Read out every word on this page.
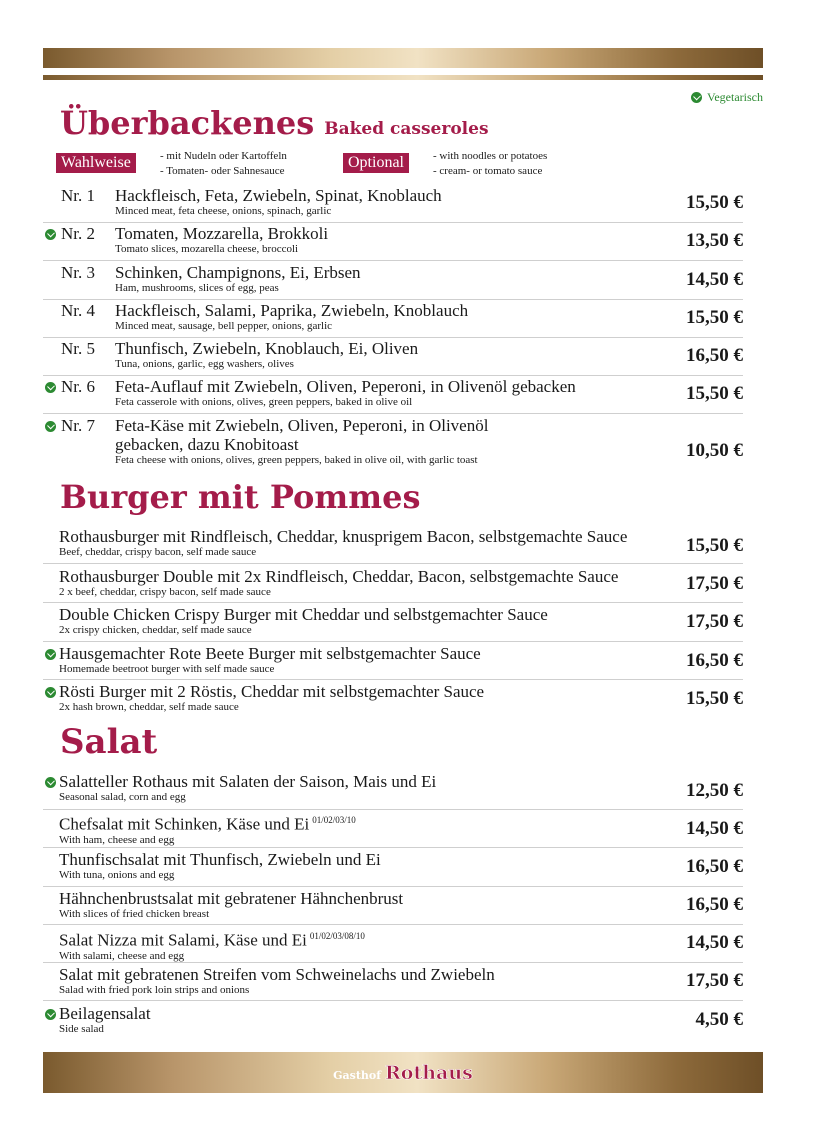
Vegetarisch
Überbackenes Baked casseroles
Wahlweise	- mit Nudeln oder Kartoffeln
- Tomaten- oder Sahnesauce	Optional	- with noodles or potatoes
- cream- or tomato sauce
Nr. 1 Hackfleisch, Feta, Zwiebeln, Spinat, Knoblauch
Minced meat, feta cheese, onions, spinach, garlic	15,50 €
Nr. 2 Tomaten, Mozzarella, Brokkoli
Tomato slices, mozarella cheese, broccoli	13,50 €
Nr. 3 Schinken, Champignons, Ei, Erbsen
Ham, mushrooms, slices of egg, peas	14,50 €
Nr. 4 Hackfleisch, Salami, Paprika, Zwiebeln, Knoblauch
Minced meat, sausage, bell pepper, onions, garlic	15,50 €
Nr. 5 Thunfisch, Zwiebeln, Knoblauch, Ei, Oliven
Tuna, onions, garlic, egg washers, olives	16,50 €
Nr. 6 Feta-Auflauf mit Zwiebeln, Oliven, Peperoni, in Olivenöl gebacken
Feta casserole with onions, olives, green peppers, baked in olive oil	15,50 €
Nr. 7 Feta-Käse mit Zwiebeln, Oliven, Peperoni, in Olivenöl
gebacken, dazu Knobitoast
Feta cheese with onions, olives, green peppers, baked in olive oil, with garlic toast	10,50 €
Burger mit Pommes
Rothausburger mit Rindfleisch, Cheddar, knusprigem Bacon, selbstgemachte Sauce
Beef, cheddar, crispy bacon, self made sauce	15,50 €
Rothausburger Double mit 2x Rindfleisch, Cheddar, Bacon, selbstgemachte Sauce
2 x beef, cheddar, crispy bacon, self made sauce	17,50 €
Double Chicken Crispy Burger mit Cheddar und selbstgemachter Sauce
2x crispy chicken, cheddar, self made sauce	17,50 €
Hausgemachter Rote Beete Burger mit selbstgemachter Sauce
Homemade beetroot burger with self made sauce	16,50 €
Rösti Burger mit 2 Röstis, Cheddar mit selbstgemachter Sauce
2x hash brown, cheddar, self made sauce	15,50 €
Salat
Salatteller Rothaus mit Salaten der Saison, Mais und Ei
Seasonal salad, corn and egg	12,50 €
Chefsalat mit Schinken, Käse und Ei $^{01/02/03/10}$
With ham, cheese and egg
14,50 €
Thunfischsalat mit Thunfisch, Zwiebeln und Ei
With tuna, onions and egg	16,50 €
Hähnchenbrustsalat mit gebratener Hähnchenbrust
With slices of fried chicken breast	16,50 €
Salat Nizza mit Salami, Käse und Ei $^{01/02/03/08/10}$
With salami, cheese and egg
14,50 €
Salat mit gebratenen Streifen vom Schweinelachs und Zwiebeln
Salad with fried pork loin strips and onions	17,50 €
Beilagensalat
Side salad	4,50 €
Gasthof Rothaus
